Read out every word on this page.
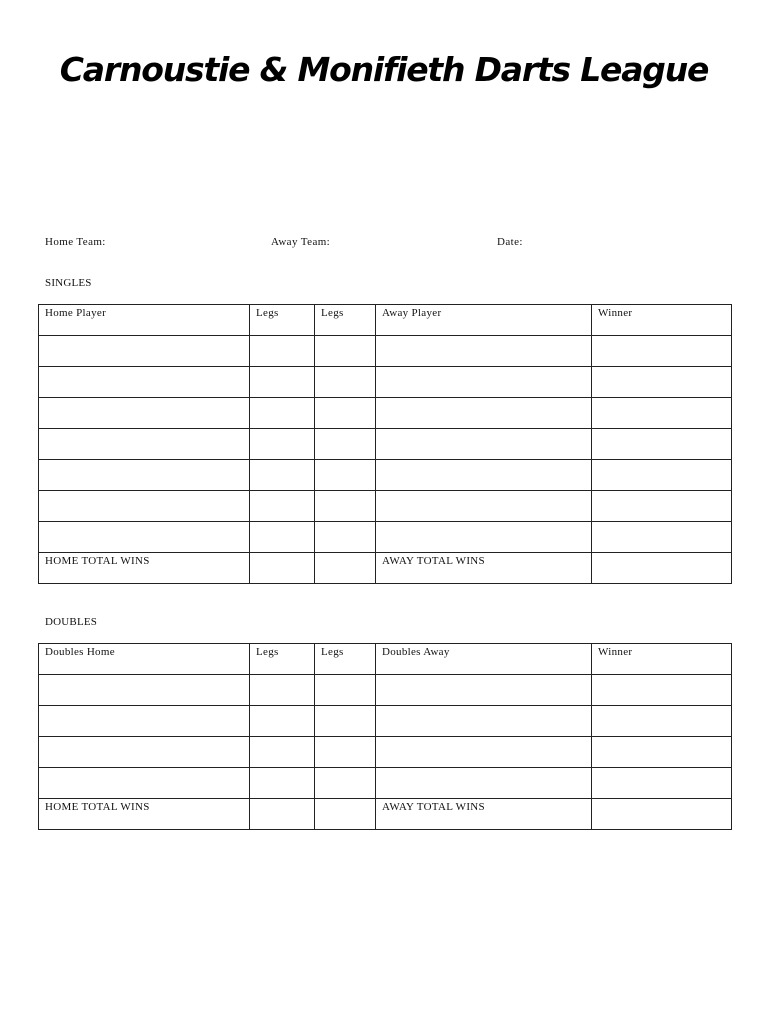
Carnoustie & Monifieth Darts League
Home Team:	Away Team:	Date:
SINGLES
Home Player	Legs	Legs	Away Player	Winner

HOME TOTAL WINS			AWAY TOTAL WINS	
DOUBLES
Doubles Home	Legs	Legs	Doubles Away	Winner

HOME TOTAL WINS			AWAY TOTAL WINS	
